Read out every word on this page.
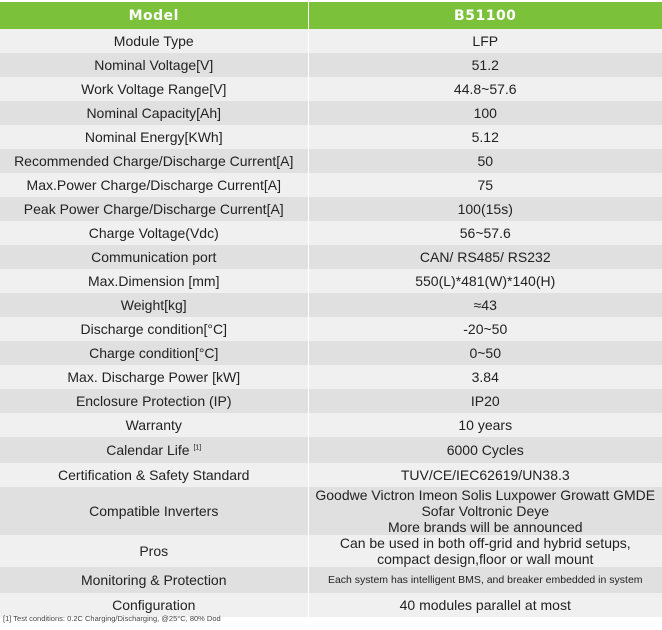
Model	B51100
Module Type	LFP
Nominal Voltage[V]	51.2
Work Voltage Range[V]	44.8~57.6
Nominal Capacity[Ah]	100
Nominal Energy[KWh]	5.12
Recommended Charge/Discharge Current[A]	50
Max.Power Charge/Discharge Current[A]	75
Peak Power Charge/Discharge Current[A]	100(15s)
Charge Voltage(Vdc)	56~57.6
Communication port	CAN/ RS485/ RS232
Max.Dimension [mm]	550(L)*481(W)*140(H)
Weight[kg]	≈43
Discharge condition[°C]	-20~50
Charge condition[°C]	0~50
Max. Discharge Power [kW]	3.84
Enclosure Protection (IP)	IP20
Warranty	10 years
Calendar Life [1]	6000 Cycles
Certification & Safety Standard	TUV/CE/IEC62619/UN38.3
Compatible Inverters	Goodwe Victron Imeon Solis Luxpower Growatt GMDE Sofar Voltronic Deye
More brands will be announced

Pros	Can be used in both off-grid and hybrid setups, compact design,floor or wall mount
Monitoring & Protection	Each system has intelligent BMS, and breaker embedded in system
Configuration	40 modules parallel at most
[1] Test conditions: 0.2C Charging/Discharging, @25°C, 80% Dod
